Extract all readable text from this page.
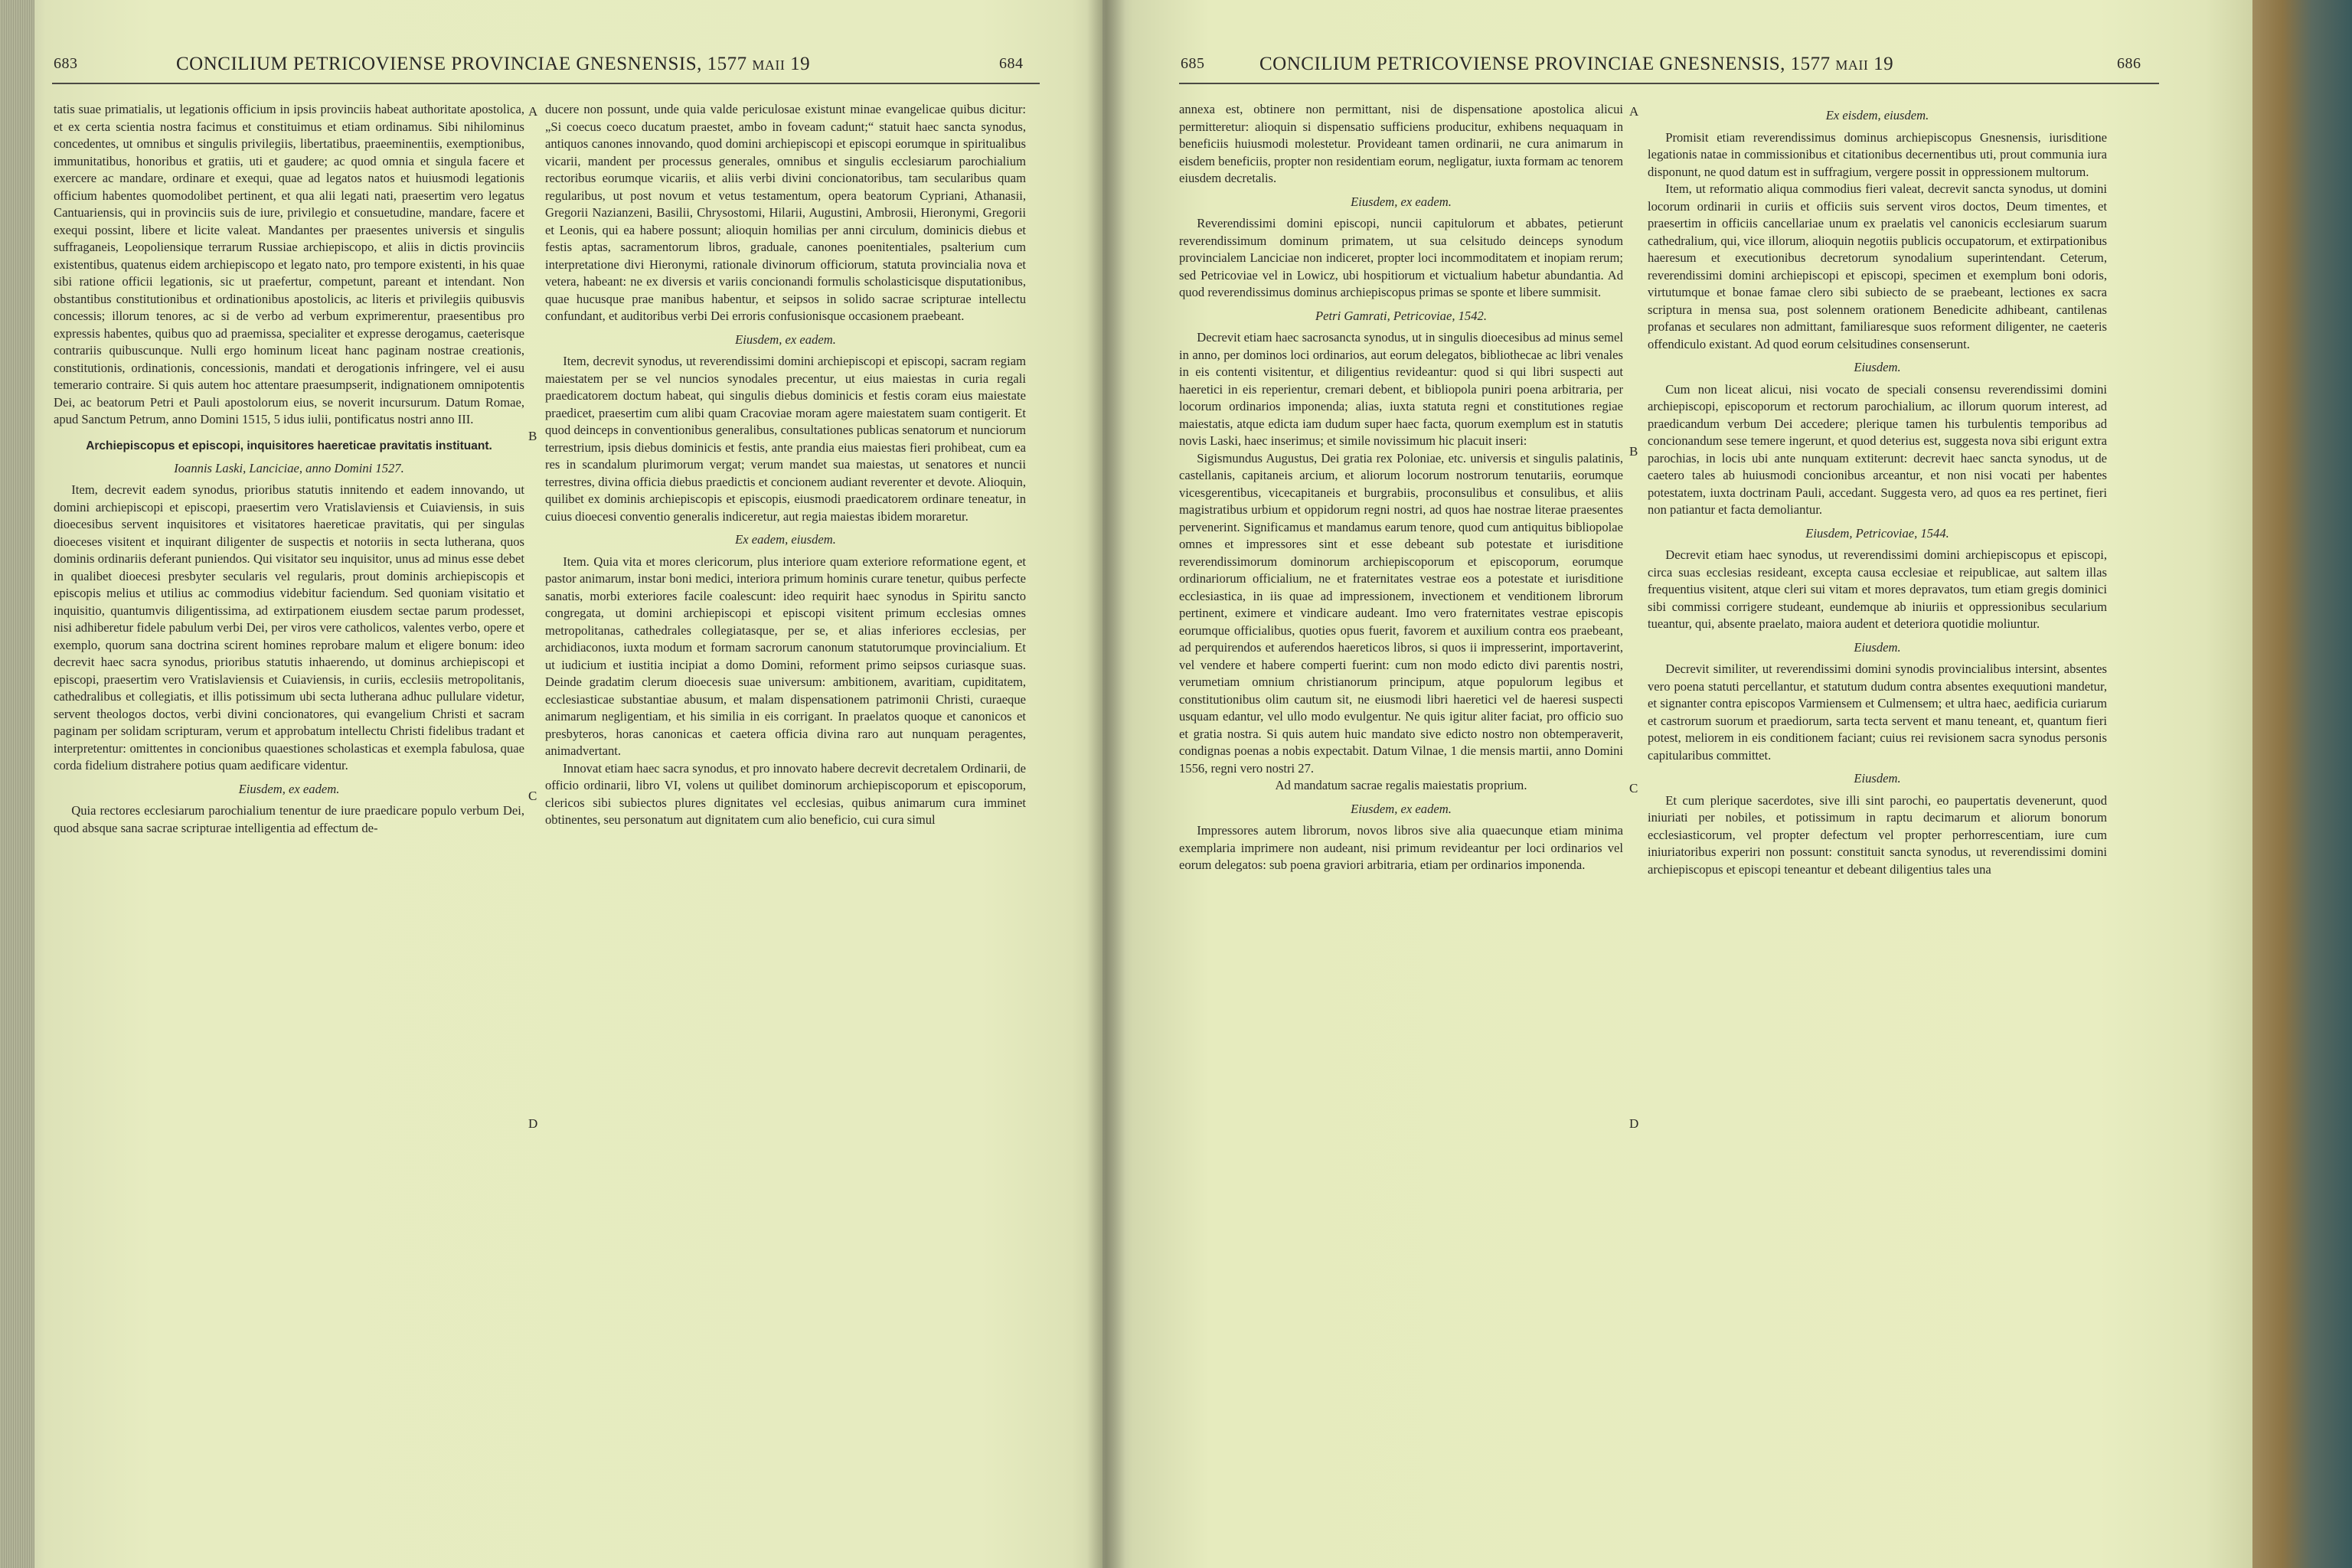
683	CONCILIUM PETRICOVIENSE PROVINCIAE GNESNENSIS, 1577 maii 19	684

tatis suae primatialis, ut legationis officium in ipsis provinciis habeat authoritate apostolica, et ex certa scientia nostra facimus et constituimus et etiam ordinamus. Sibi nihilominus concedentes, ut omnibus et singulis privilegiis, libertatibus, praeeminentiis, exemptionibus, immunitatibus, honoribus et gratiis, uti et gaudere; ac quod omnia et singula facere et exercere ac mandare, ordinare et exequi, quae ad legatos natos et huiusmodi legationis officium habentes quomodolibet pertinent, et qua alii legati nati, praesertim vero legatus Cantuariensis, qui in provinciis suis de iure, privilegio et consuetudine, mandare, facere et exequi possint, libere et licite valeat. Mandantes per praesentes universis et singulis suffraganeis, Leopoliensique terrarum Russiae archiepiscopo, et aliis in dictis provinciis existentibus, quatenus eidem archiepiscopo et legato nato, pro tempore existenti, in his quae sibi ratione officii legationis, sic ut praefertur, competunt, pareant et intendant. Non obstantibus constitutionibus et ordinationibus apostolicis, ac literis et privilegiis quibusvis concessis; illorum tenores, ac si de verbo ad verbum exprimerentur, praesentibus pro expressis habentes, quibus quo ad praemissa, specialiter et expresse derogamus, caeterisque contrariis quibuscunque. Nulli ergo hominum liceat hanc paginam nostrae creationis, constitutionis, ordinationis, concessionis, mandati et derogationis infringere, vel ei ausu temerario contraire. Si quis autem hoc attentare praesumpserit, indignationem omnipotentis Dei, ac beatorum Petri et Pauli apostolorum eius, se noverit incursurum. Datum Romae, apud Sanctum Petrum, anno Domini 1515, 5 idus iulii, pontificatus nostri anno III.

Archiepiscopus et episcopi, inquisitores haereticae pravitatis instituant.

Ioannis Laski, Lanciciae, anno Domini 1527.

Item, decrevit eadem synodus, prioribus statutis innitendo et eadem innovando, ut domini archiepiscopi et episcopi, praesertim vero Vratislaviensis et Cuiaviensis, in suis dioecesibus servent inquisitores et visitatores haereticae pravitatis, qui per singulas dioeceses visitent et inquirant diligenter de suspectis et notoriis in secta lutherana, quos dominis ordinariis deferant puniendos. Qui visitator seu inquisitor, unus ad minus esse debet in qualibet dioecesi presbyter secularis vel regularis, prout dominis archiepiscopis et episcopis melius et utilius ac commodius videbitur faciendum. Sed quoniam visitatio et inquisitio, quantumvis diligentissima, ad extirpationem eiusdem sectae parum prodesset, nisi adhiberetur fidele pabulum verbi Dei, per viros vere catholicos, valentes verbo, opere et exemplo, quorum sana doctrina scirent homines reprobare malum et eligere bonum: ideo decrevit haec sacra synodus, prioribus statutis inhaerendo, ut dominus archiepiscopi et episcopi, praesertim vero Vratislaviensis et Cuiaviensis, in curiis, ecclesiis metropolitanis, cathedralibus et collegiatis, et illis potissimum ubi secta lutherana adhuc pullulare videtur, servent theologos doctos, verbi divini concionatores, qui evangelium Christi et sacram paginam per solidam scripturam, verum et approbatum intellectu Christi fidelibus tradant et interpretentur: omittentes in concionibus quaestiones scholasticas et exempla fabulosa, quae corda fidelium distrahere potius quam aedificare videntur.

Eiusdem, ex eadem.

Quia rectores ecclesiarum parochialium tenentur de iure praedicare populo verbum Dei, quod absque sana sacrae scripturae intelligentia ad effectum de-

A
B
C
D

ducere non possunt, unde quia valde periculosae existunt minae evangelicae quibus dicitur: „Si coecus coeco ducatum praestet, ambo in foveam cadunt;“ statuit haec sancta synodus, antiquos canones innovando, quod domini archiepiscopi et episcopi eorumque in spiritualibus vicarii, mandent per processus generales, omnibus et singulis ecclesiarum parochialium rectoribus eorumque vicariis, et aliis verbi divini concionatoribus, tam secularibus quam regularibus, ut post novum et vetus testamentum, opera beatorum Cypriani, Athanasii, Gregorii Nazianzeni, Basilii, Chrysostomi, Hilarii, Augustini, Ambrosii, Hieronymi, Gregorii et Leonis, qui ea habere possunt; alioquin homilias per anni circulum, dominicis diebus et festis aptas, sacramentorum libros, graduale, canones poenitentiales, psalterium cum interpretatione divi Hieronymi, rationale divinorum officiorum, statuta provincialia nova et vetera, habeant: ne ex diversis et variis concionandi formulis scholasticisque disputationibus, quae hucusque prae manibus habentur, et seipsos in solido sacrae scripturae intellectu confundant, et auditoribus verbi Dei erroris confusionisque occasionem praebeant.

Eiusdem, ex eadem.

Item, decrevit synodus, ut reverendissimi domini archiepiscopi et episcopi, sacram regiam maiestatem per se vel nuncios synodales precentur, ut eius maiestas in curia regali praedicatorem doctum habeat, qui singulis diebus dominicis et festis coram eius maiestate praedicet, praesertim cum alibi quam Cracoviae moram agere maiestatem suam contigerit. Et quod deinceps in conventionibus generalibus, consultationes publicas senatorum et nunciorum terrestrium, ipsis diebus dominicis et festis, ante prandia eius maiestas fieri prohibeat, cum ea res in scandalum plurimorum vergat; verum mandet sua maiestas, ut senatores et nuncii terrestres, divina officia diebus praedictis et concionem audiant reverenter et devote. Alioquin, quilibet ex dominis archiepiscopis et episcopis, eiusmodi praedicatorem ordinare teneatur, in cuius dioecesi conventio generalis indiceretur, aut regia maiestas ibidem moraretur.

Ex eadem, eiusdem.

Item. Quia vita et mores clericorum, plus interiore quam exteriore reformatione egent, et pastor animarum, instar boni medici, interiora primum hominis curare tenetur, quibus perfecte sanatis, morbi exteriores facile coalescunt: ideo requirit haec synodus in Spiritu sancto congregata, ut domini archiepiscopi et episcopi visitent primum ecclesias omnes metropolitanas, cathedrales collegiatasque, per se, et alias inferiores ecclesias, per archidiaconos, iuxta modum et formam sacrorum canonum statutorumque provincialium. Et ut iudicium et iustitia incipiat a domo Domini, reforment primo seipsos curiasque suas. Deinde gradatim clerum dioecesis suae universum: ambitionem, avaritiam, cupiditatem, ecclesiasticae substantiae abusum, et malam dispensationem patrimonii Christi, curaeque animarum negligentiam, et his similia in eis corrigant. In praelatos quoque et canonicos et presbyteros, horas canonicas et caetera officia divina raro aut nunquam peragentes, animadvertant.

Innovat etiam haec sacra synodus, et pro innovato habere decrevit decretalem Ordinarii, de officio ordinarii, libro VI, volens ut quilibet dominorum archiepiscoporum et episcoporum, clericos sibi subiectos plures dignitates vel ecclesias, quibus animarum cura imminet obtinentes, seu personatum aut dignitatem cum alio beneficio, cui cura simul

685	CONCILIUM PETRICOVIENSE PROVINCIAE GNESNENSIS, 1577 maii 19	686

annexa est, obtinere non permittant, nisi de dispensatione apostolica alicui permitteretur: alioquin si dispensatio sufficiens producitur, exhibens nequaquam in beneficiis huiusmodi molestetur. Provideant tamen ordinarii, ne cura animarum in eisdem beneficiis, propter non residentiam eorum, negligatur, iuxta formam ac tenorem eiusdem decretalis.

Eiusdem, ex eadem.

Reverendissimi domini episcopi, nuncii capitulorum et abbates, petierunt reverendissimum dominum primatem, ut sua celsitudo deinceps synodum provincialem Lanciciae non indiceret, propter loci incommoditatem et inopiam rerum; sed Petricoviae vel in Lowicz, ubi hospitiorum et victualium habetur abundantia. Ad quod reverendissimus dominus archiepiscopus primas se sponte et libere summisit.

Petri Gamrati, Petricoviae, 1542.

Decrevit etiam haec sacrosancta synodus, ut in singulis dioecesibus ad minus semel in anno, per dominos loci ordinarios, aut eorum delegatos, bibliothecae ac libri venales in eis contenti visitentur, et diligentius revideantur: quod si qui libri suspecti aut haeretici in eis reperientur, cremari debent, et bibliopola puniri poena arbitraria, per locorum ordinarios imponenda; alias, iuxta statuta regni et constitutiones regiae maiestatis, atque edicta iam dudum super haec facta, quorum exemplum est in statutis novis Laski, haec inserimus; et simile novissimum hic placuit inseri:

Sigismundus Augustus, Dei gratia rex Poloniae, etc. universis et singulis palatinis, castellanis, capitaneis arcium, et aliorum locorum nostrorum tenutariis, eorumque vicesgerentibus, vicecapitaneis et burgrabiis, proconsulibus et consulibus, et aliis magistratibus urbium et oppidorum regni nostri, ad quos hae nostrae literae praesentes pervenerint. Significamus et mandamus earum tenore, quod cum antiquitus bibliopolae omnes et impressores sint et esse debeant sub potestate et iurisditione reverendissimorum dominorum archiepiscoporum et episcoporum, eorumque ordinariorum officialium, ne et fraternitates vestrae eos a potestate et iurisditione ecclesiastica, in iis quae ad impressionem, invectionem et venditionem librorum pertinent, eximere et vindicare audeant. Imo vero fraternitates vestrae episcopis eorumque officialibus, quoties opus fuerit, favorem et auxilium contra eos praebeant, ad perquirendos et auferendos haereticos libros, si quos ii impresserint, importaverint, vel vendere et habere comperti fuerint: cum non modo edicto divi parentis nostri, verumetiam omnium christianorum principum, atque populorum legibus et constitutionibus olim cautum sit, ne eiusmodi libri haeretici vel de haeresi suspecti usquam edantur, vel ullo modo evulgentur. Ne quis igitur aliter faciat, pro officio suo et gratia nostra. Si quis autem huic mandato sive edicto nostro non obtemperaverit, condignas poenas a nobis expectabit. Datum Vilnae, 1 die mensis martii, anno Domini 1556, regni vero nostri 27.

Ad mandatum sacrae regalis maiestatis proprium.

Eiusdem, ex eadem.

Impressores autem librorum, novos libros sive alia quaecunque etiam minima exemplaria imprimere non audeant, nisi primum revideantur per loci ordinarios vel eorum delegatos: sub poena graviori arbitraria, etiam per ordinarios imponenda.

A
B
C
D

Ex eisdem, eiusdem.

Promisit etiam reverendissimus dominus archiepiscopus Gnesnensis, iurisditione legationis natae in commissionibus et citationibus decernentibus uti, prout communia iura disponunt, ne quod datum est in suffragium, vergere possit in oppressionem multorum.

Item, ut reformatio aliqua commodius fieri valeat, decrevit sancta synodus, ut domini locorum ordinarii in curiis et officiis suis servent viros doctos, Deum timentes, et praesertim in officiis cancellariae unum ex praelatis vel canonicis ecclesiarum suarum cathedralium, qui, vice illorum, alioquin negotiis publicis occupatorum, et extirpationibus haeresum et executionibus decretorum synodalium superintendant. Ceterum, reverendissimi domini archiepiscopi et episcopi, specimen et exemplum boni odoris, virtutumque et bonae famae clero sibi subiecto de se praebeant, lectiones ex sacra scriptura in mensa sua, post solennem orationem Benedicite adhibeant, cantilenas profanas et seculares non admittant, familiaresque suos reforment diligenter, ne caeteris offendiculo existant. Ad quod eorum celsitudines consenserunt.

Eiusdem.

Cum non liceat alicui, nisi vocato de speciali consensu reverendissimi domini archiepiscopi, episcoporum et rectorum parochialium, ac illorum quorum interest, ad praedicandum verbum Dei accedere; plerique tamen his turbulentis temporibus ad concionandum sese temere ingerunt, et quod deterius est, suggesta nova sibi erigunt extra parochias, in locis ubi ante nunquam extiterunt: decrevit haec sancta synodus, ut de caetero tales ab huiusmodi concionibus arceantur, et non nisi vocati per habentes potestatem, iuxta doctrinam Pauli, accedant. Suggesta vero, ad quos ea res pertinet, fieri non patiantur et facta demoliantur.

Eiusdem, Petricoviae, 1544.

Decrevit etiam haec synodus, ut reverendissimi domini archiepiscopus et episcopi, circa suas ecclesias resideant, excepta causa ecclesiae et reipublicae, aut saltem illas frequentius visitent, atque cleri sui vitam et mores depravatos, tum etiam gregis dominici sibi commissi corrigere studeant, eundemque ab iniuriis et oppressionibus secularium tueantur, qui, absente praelato, maiora audent et deteriora quotidie moliuntur.

Eiusdem.

Decrevit similiter, ut reverendissimi domini synodis provincialibus intersint, absentes vero poena statuti percellantur, et statutum dudum contra absentes exequutioni mandetur, et signanter contra episcopos Varmiensem et Culmensem; et ultra haec, aedificia curiarum et castrorum suorum et praediorum, sarta tecta servent et manu teneant, et, quantum fieri potest, meliorem in eis conditionem faciant; cuius rei revisionem sacra synodus personis capitularibus committet.

Eiusdem.

Et cum plerique sacerdotes, sive illi sint parochi, eo paupertatis devenerunt, quod iniuriati per nobiles, et potissimum in raptu decimarum et aliorum bonorum ecclesiasticorum, vel propter defectum vel propter perhorrescentiam, iure cum iniuriatoribus experiri non possunt: constituit sancta synodus, ut reverendissimi domini archiepiscopus et episcopi teneantur et debeant diligentius tales una
